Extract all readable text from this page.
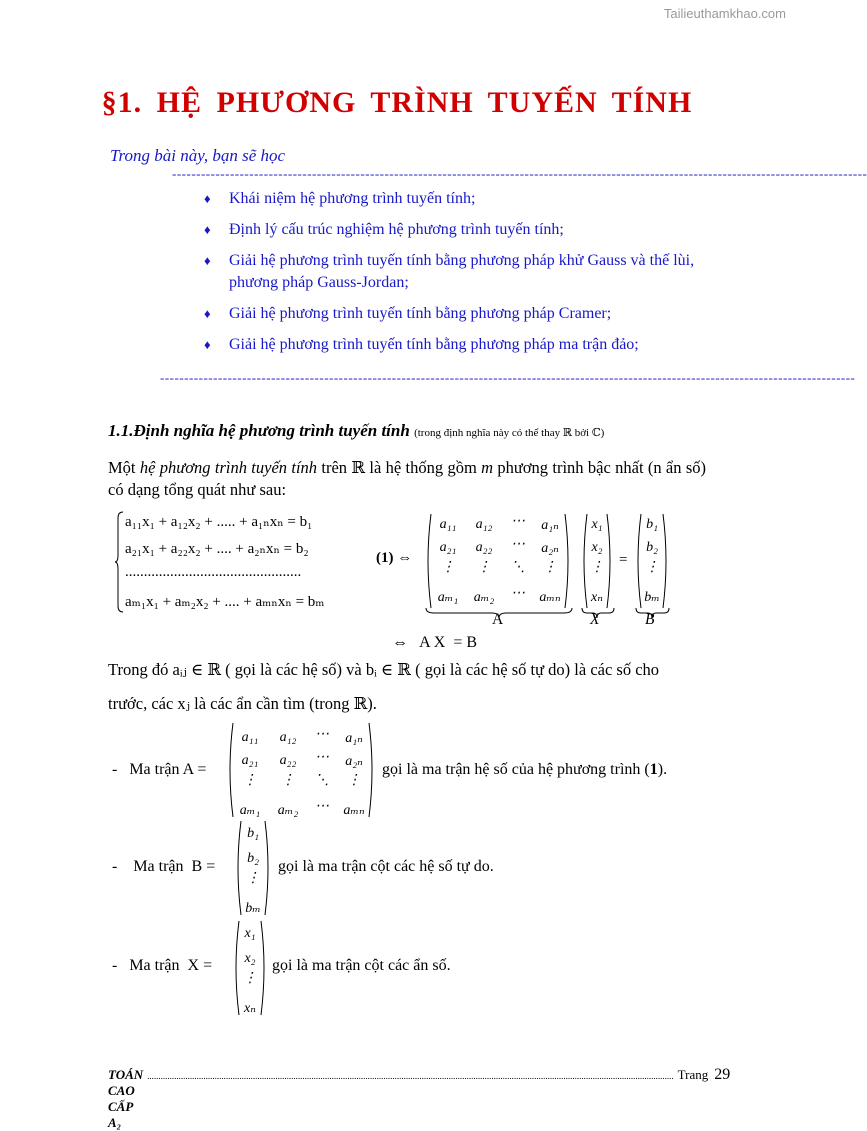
Tailieuthamkhao.com
§1. HỆ PHƯƠNG TRÌNH TUYẾN TÍNH
Trong bài này, bạn sẽ học
------------------------------------------------------------------------------------------------------------------------------------------------
♦ Khái niệm hệ phương trình tuyến tính;
♦ Định lý cấu trúc nghiệm hệ phương trình tuyến tính;
♦ Giải hệ phương trình tuyến tính bằng phương pháp khử Gauss và thế lùi, phương pháp Gauss-Jordan;
♦ Giải hệ phương trình tuyến tính bằng phương pháp Cramer;
♦ Giải hệ phương trình tuyến tính bằng phương pháp ma trận đảo;
------------------------------------------------------------------------------------------------------------------------------------------------
1.1.Định nghĩa hệ phương trình tuyến tính (trong định nghĩa này có thể thay ℝ bởi ℂ)
Một hệ phương trình tuyến tính trên ℝ là hệ thống gồm m phương trình bậc nhất (n ẩn số) có dạng tổng quát như sau:
a₁₁x₁ + a₁₂x₂ + ..... + a₁ₙxₙ = b₁
a₂₁x₁ + a₂₂x₂ + .... + a₂ₙxₙ = b₂
...............................................
aₘ₁x₁ + aₘ₂x₂ + .... + aₘₙxₙ = bₘ
(1) ⇔
a₁₁	a₁₂	⋯	a₁ₙ
a₂₁	a₂₂	⋯	a₂ₙ
⋮	⋮	⋱	⋮
aₘ₁	aₘ₂	⋯	aₘₙ
A
x₁
x₂
⋮
xₙ
X
=
b₁
b₂
⋮
bₘ
B
⇔   A X  = B
Trong đó aᵢⱼ ∈ ℝ ( gọi là các hệ số) và bᵢ ∈ ℝ ( gọi là các hệ số tự do) là các số cho
trước, các xⱼ là các ẩn cần tìm (trong ℝ).
-   Ma trận A =
a₁₁	a₁₂	⋯	a₁ₙ
a₂₁	a₂₂	⋯	a₂ₙ
⋮	⋮	⋱	⋮
aₘ₁	aₘ₂	⋯	aₘₙ
gọi là ma trận hệ số của hệ phương trình (1).
-    Ma trận  B =
b₁
b₂
⋮
bₘ
gọi là ma trận cột các hệ số tự do.
-   Ma trận  X =
x₁
x₂
⋮
xₙ
gọi là ma trận cột các ẩn số.
TOÁN CAO CẤP A₂
.......................................................................................................................................................................................................................................... Trang 29
